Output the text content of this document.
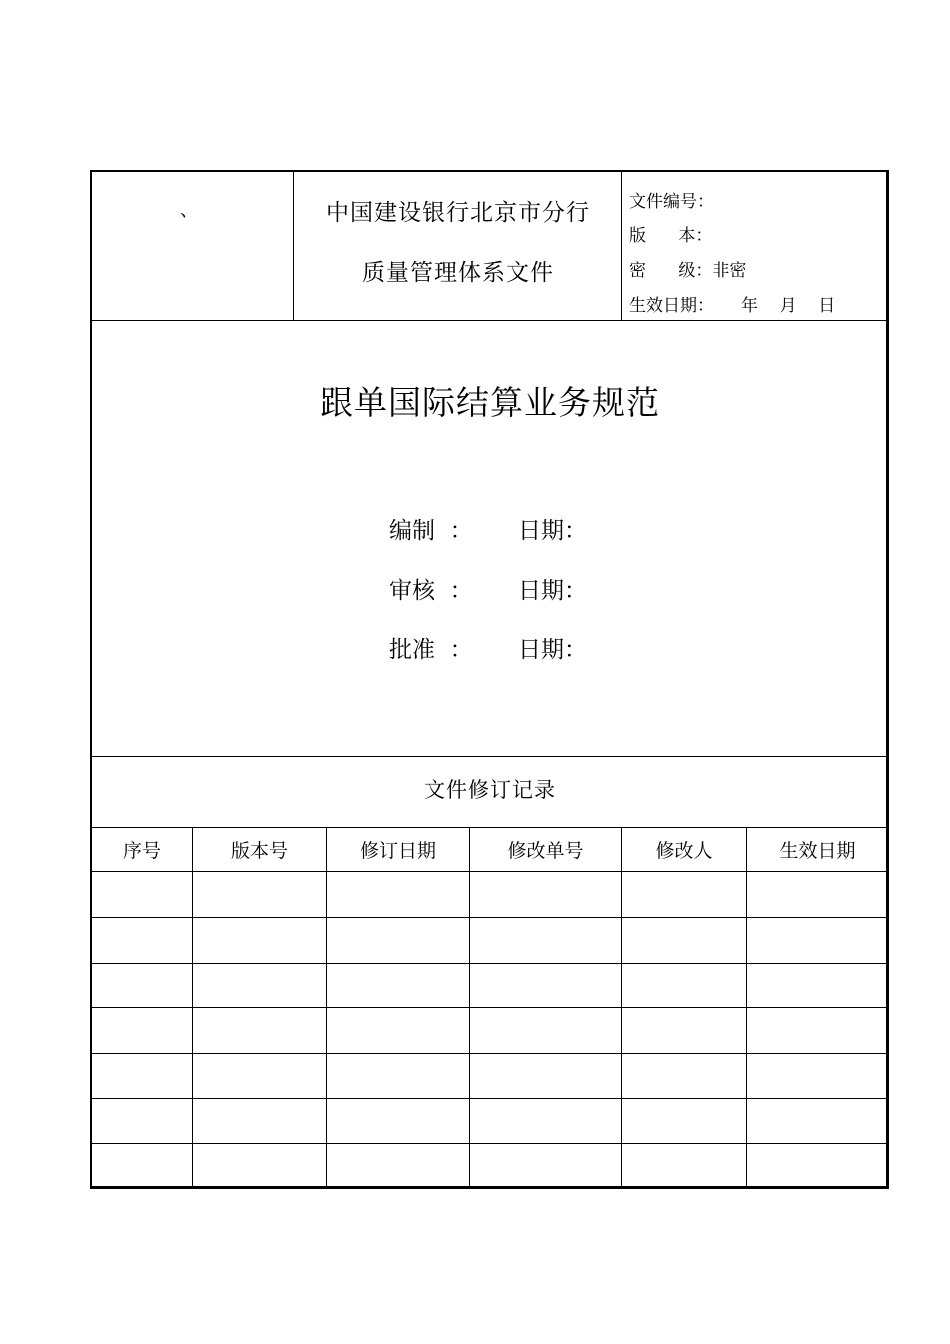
、	中国建设银行北京市分行
质量管理体系文件
文件编号：
版      本：
密      级：非密
生效日期：     年    月    日
跟单国际结算业务规范
编制  ： 日期：
审核  ： 日期：
批准  ： 日期：
文件修订记录
序号	版本号	修订日期	修改单号	修改人	生效日期
